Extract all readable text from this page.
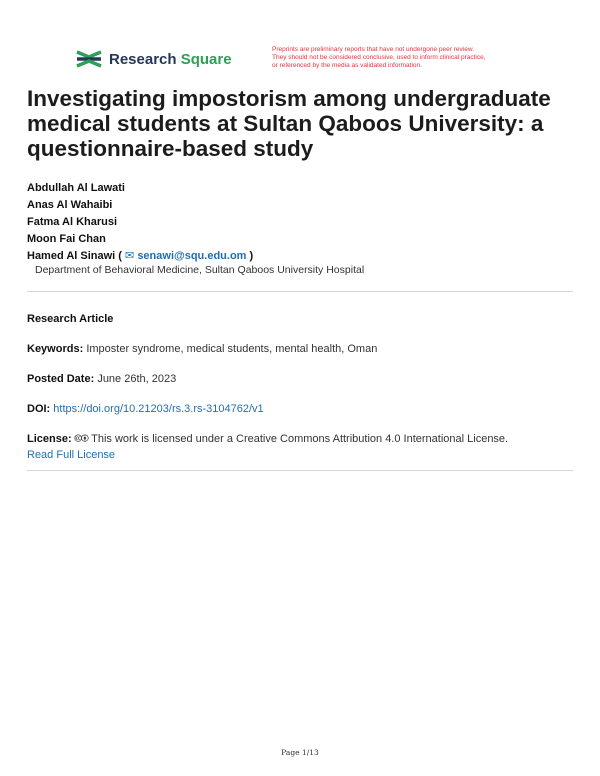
Research Square
Preprints are preliminary reports that have not undergone peer review.
They should not be considered conclusive, used to inform clinical practice,
or referenced by the media as validated information.
Investigating impostorism among undergraduate medical students at Sultan Qaboos University: a questionnaire-based study
Abdullah Al Lawati
Anas Al Wahaibi
Fatma Al Kharusi
Moon Fai Chan
Hamed Al Sinawi ( ✉ senawi@squ.edu.om )
Department of Behavioral Medicine, Sultan Qaboos University Hospital
Research Article
Keywords: Imposter syndrome, medical students, mental health, Oman
Posted Date: June 26th, 2023
DOI: https://doi.org/10.21203/rs.3.rs-3104762/v1
License: 🅭🅯 This work is licensed under a Creative Commons Attribution 4.0 International License.
Read Full License
Page 1/13
